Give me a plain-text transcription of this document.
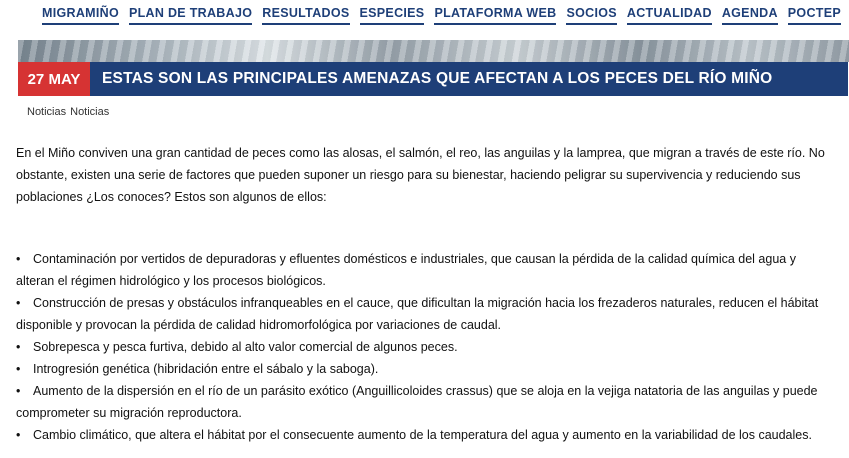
MIGRAMIÑO PLAN DE TRABAJO RESULTADOS ESPECIES PLATAFORMA WEB SOCIOS ACTUALIDAD AGENDA POCTEP
27 MAY	ESTAS SON LAS PRINCIPALES AMENAZAS QUE AFECTAN A LOS PECES DEL RÍO MIÑO
Noticias Noticias

En el Miño conviven una gran cantidad de peces como las alosas, el salmón, el reo, las anguilas y la lamprea, que migran a través de este río. No obstante, existen una serie de factores que pueden suponer un riesgo para su bienestar, haciendo peligrar su supervivencia y reduciendo sus poblaciones ¿Los conoces? Estos son algunos de ellos:

• Contaminación por vertidos de depuradoras y efluentes domésticos e industriales, que causan la pérdida de la calidad química del agua y alteran el régimen hidrológico y los procesos biológicos.
• Construcción de presas y obstáculos infranqueables en el cauce, que dificultan la migración hacia los frezaderos naturales, reducen el hábitat disponible y provocan la pérdida de calidad hidromorfológica por variaciones de caudal.
• Sobrepesca y pesca furtiva, debido al alto valor comercial de algunos peces.
• Introgresión genética (hibridación entre el sábalo y la saboga).
• Aumento de la dispersión en el río de un parásito exótico (Anguillicoloides crassus) que se aloja en la vejiga natatoria de las anguilas y puede comprometer su migración reproductora.
• Cambio climático, que altera el hábitat por el consecuente aumento de la temperatura del agua y aumento en la variabilidad de los caudales.
